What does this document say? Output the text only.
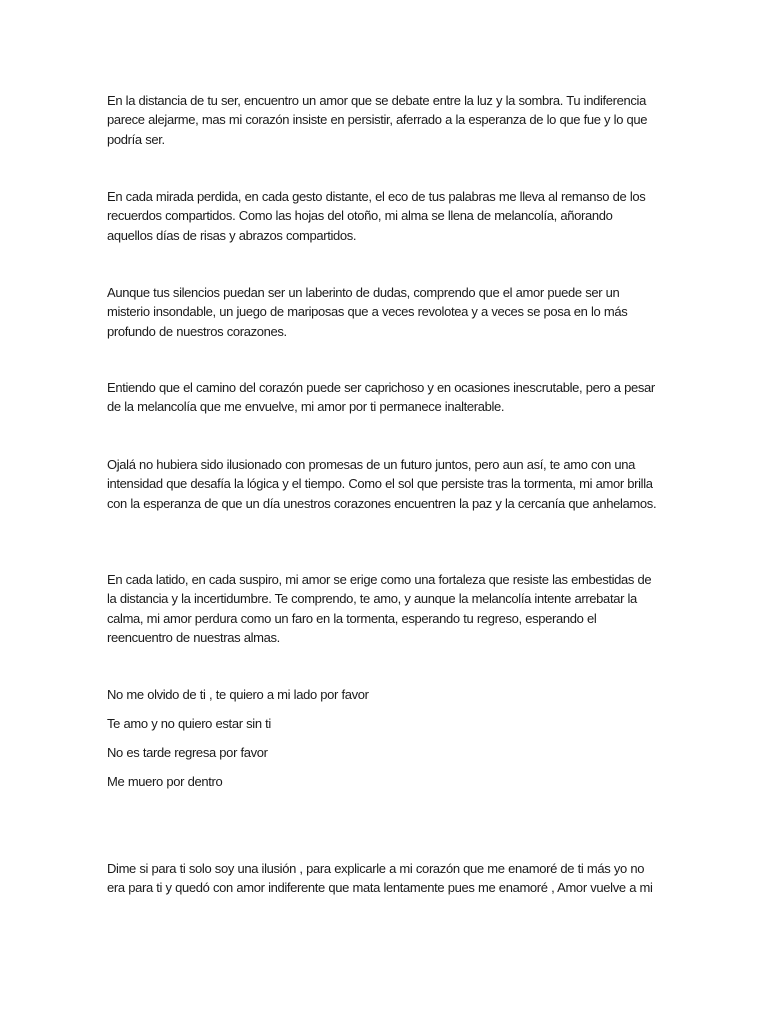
En la distancia de tu ser, encuentro un amor que se debate entre la luz y la sombra. Tu indiferencia parece alejarme, mas mi corazón insiste en persistir, aferrado a la esperanza de lo que fue y lo que podría ser.

En cada mirada perdida, en cada gesto distante, el eco de tus palabras me lleva al remanso de los recuerdos compartidos. Como las hojas del otoño, mi alma se llena de melancolía, añorando aquellos días de risas y abrazos compartidos.

Aunque tus silencios puedan ser un laberinto de dudas, comprendo que el amor puede ser un misterio insondable, un juego de mariposas que a veces revolotea y a veces se posa en lo más profundo de nuestros corazones.

Entiendo que el camino del corazón puede ser caprichoso y en ocasiones inescrutable, pero a pesar de la melancolía que me envuelve, mi amor por ti permanece inalterable.

Ojalá no hubiera sido ilusionado con promesas de un futuro juntos, pero aun así, te amo con una intensidad que desafía la lógica y el tiempo. Como el sol que persiste tras la tormenta, mi amor brilla con la esperanza de que un día unestros corazones encuentren la paz y la cercanía que anhelamos.

En cada latido, en cada suspiro, mi amor se erige como una fortaleza que resiste las embestidas de la distancia y la incertidumbre. Te comprendo, te amo, y aunque la melancolía intente arrebatar la calma, mi amor perdura como un faro en la tormenta, esperando tu regreso, esperando el reencuentro de nuestras almas.

No me olvido de ti , te quiero a mi lado por favor

Te amo y no quiero estar sin ti

No es tarde regresa por favor

Me muero por dentro

Dime si para ti solo soy una ilusión , para explicarle a mi corazón que me enamoré de ti más yo no era para ti y quedó con amor indiferente que mata lentamente pues me enamoré , Amor vuelve a mi
